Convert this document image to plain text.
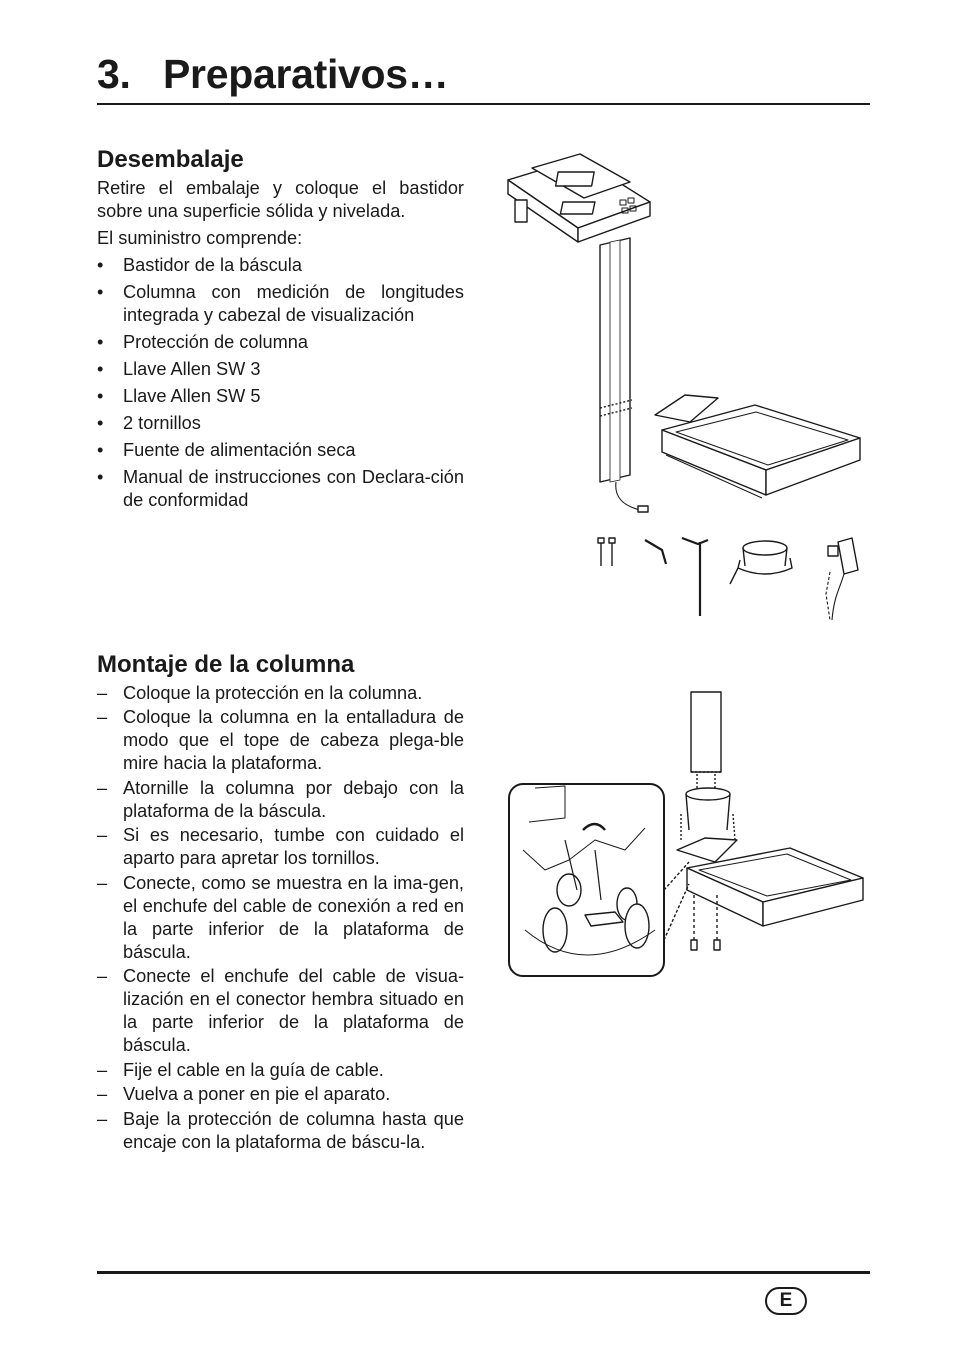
3. Preparativos…
Desembalaje

Retire el embalaje y coloque el bastidor sobre una superficie sólida y nivelada.

El suministro comprende:

• Bastidor de la báscula
• Columna con medición de longitudes integrada y cabezal de visualización
• Protección de columna
• Llave Allen SW 3
• Llave Allen SW 5
• 2 tornillos
• Fuente de alimentación seca
• Manual de instrucciones con Declara-ción de conformidad
Montaje de la columna
– Coloque la protección en la columna.
– Coloque la columna en la entalladura de modo que el tope de cabeza plega-ble mire hacia la plataforma.
– Atornille la columna por debajo con la plataforma de la báscula.
– Si es necesario, tumbe con cuidado el aparto para apretar los tornillos.
– Conecte, como se muestra en la ima-gen, el enchufe del cable de conexión a red en la parte inferior de la plataforma de báscula.
– Conecte el enchufe del cable de visua-lización en el conector hembra situado en la parte inferior de la plataforma de báscula.
– Fije el cable en la guía de cable.
– Vuelva a poner en pie el aparato.
– Baje la protección de columna hasta que encaje con la plataforma de báscu-la.
E
